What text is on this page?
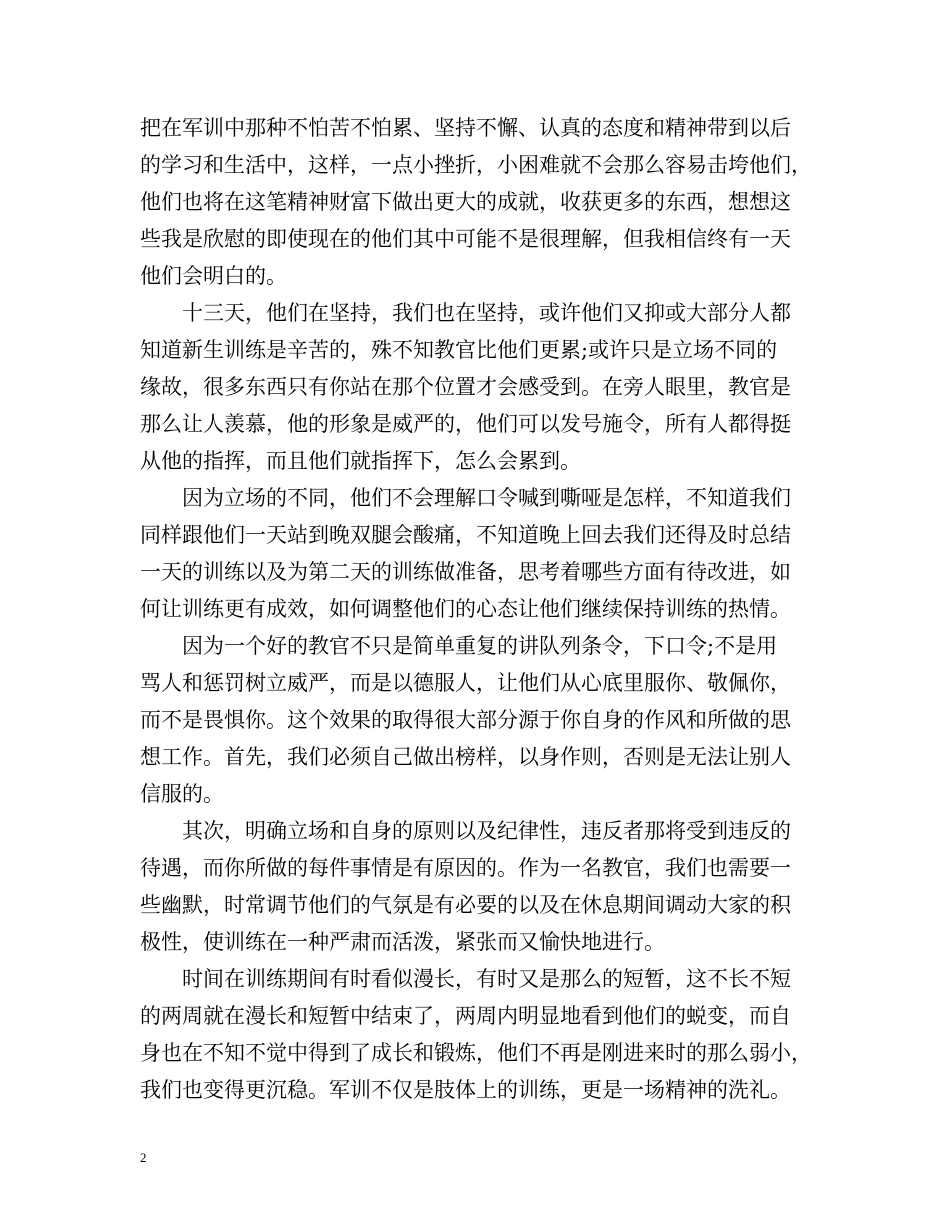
把在军训中那种不怕苦不怕累、坚持不懈、认真的态度和精神带到以后
的学习和生活中，这样，一点小挫折，小困难就不会那么容易击垮他们，
他们也将在这笔精神财富下做出更大的成就，收获更多的东西，想想这
些我是欣慰的即使现在的他们其中可能不是很理解，但我相信终有一天
他们会明白的。
十三天，他们在坚持，我们也在坚持，或许他们又抑或大部分人都
知道新生训练是辛苦的，殊不知教官比他们更累;或许只是立场不同的
缘故，很多东西只有你站在那个位置才会感受到。在旁人眼里，教官是
那么让人羡慕，他的形象是威严的，他们可以发号施令，所有人都得挺
从他的指挥，而且他们就指挥下，怎么会累到。
因为立场的不同，他们不会理解口令喊到嘶哑是怎样，不知道我们
同样跟他们一天站到晚双腿会酸痛，不知道晚上回去我们还得及时总结
一天的训练以及为第二天的训练做准备，思考着哪些方面有待改进，如
何让训练更有成效，如何调整他们的心态让他们继续保持训练的热情。
因为一个好的教官不只是简单重复的讲队列条令，下口令;不是用
骂人和惩罚树立威严，而是以德服人，让他们从心底里服你、敬佩你，
而不是畏惧你。这个效果的取得很大部分源于你自身的作风和所做的思
想工作。首先，我们必须自己做出榜样，以身作则，否则是无法让别人
信服的。
其次，明确立场和自身的原则以及纪律性，违反者那将受到违反的
待遇，而你所做的每件事情是有原因的。作为一名教官，我们也需要一
些幽默，时常调节他们的气氛是有必要的以及在休息期间调动大家的积
极性，使训练在一种严肃而活泼，紧张而又愉快地进行。
时间在训练期间有时看似漫长，有时又是那么的短暂，这不长不短
的两周就在漫长和短暂中结束了，两周内明显地看到他们的蜕变，而自
身也在不知不觉中得到了成长和锻炼，他们不再是刚进来时的那么弱小，
我们也变得更沉稳。军训不仅是肢体上的训练，更是一场精神的洗礼。
2
